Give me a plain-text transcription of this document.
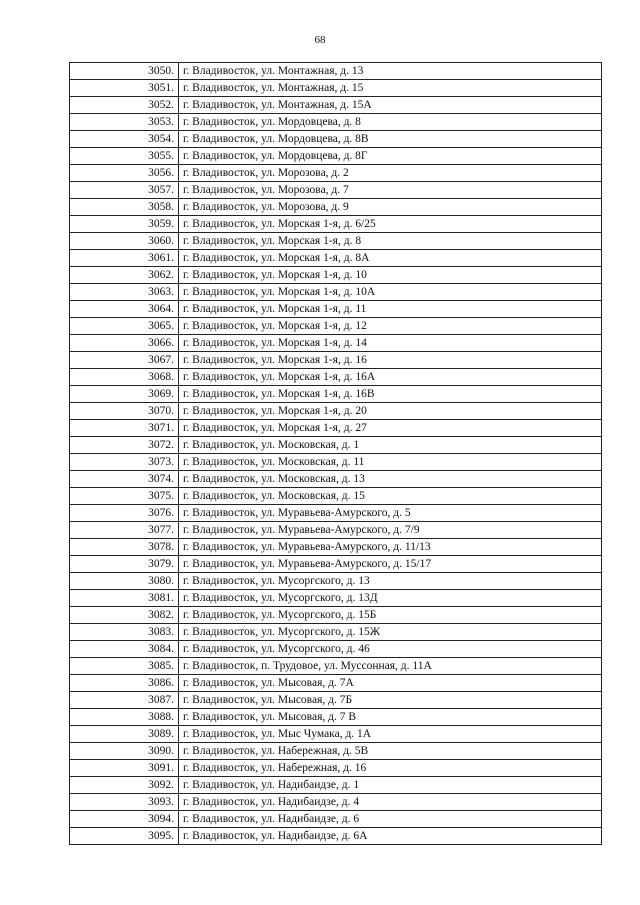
68
3050.	г. Владивосток, ул. Монтажная, д. 13
3051.	г. Владивосток, ул. Монтажная, д. 15
3052.	г. Владивосток, ул. Монтажная, д. 15А
3053.	г. Владивосток, ул. Мордовцева, д. 8
3054.	г. Владивосток, ул. Мордовцева, д. 8В
3055.	г. Владивосток, ул. Мордовцева, д. 8Г
3056.	г. Владивосток, ул. Морозова, д. 2
3057.	г. Владивосток, ул. Морозова, д. 7
3058.	г. Владивосток, ул. Морозова, д. 9
3059.	г. Владивосток, ул. Морская 1-я, д. 6/25
3060.	г. Владивосток, ул. Морская 1-я, д. 8
3061.	г. Владивосток, ул. Морская 1-я, д. 8А
3062.	г. Владивосток, ул. Морская 1-я, д. 10
3063.	г. Владивосток, ул. Морская 1-я, д. 10А
3064.	г. Владивосток, ул. Морская 1-я, д. 11
3065.	г. Владивосток, ул. Морская 1-я, д. 12
3066.	г. Владивосток, ул. Морская 1-я, д. 14
3067.	г. Владивосток, ул. Морская 1-я, д. 16
3068.	г. Владивосток, ул. Морская 1-я, д. 16А
3069.	г. Владивосток, ул. Морская 1-я, д. 16В
3070.	г. Владивосток, ул. Морская 1-я, д. 20
3071.	г. Владивосток, ул. Морская 1-я, д. 27
3072.	г. Владивосток, ул. Московская, д. 1
3073.	г. Владивосток, ул. Московская, д. 11
3074.	г. Владивосток, ул. Московская, д. 13
3075.	г. Владивосток, ул. Московская, д. 15
3076.	г. Владивосток, ул. Муравьева-Амурского, д. 5
3077.	г. Владивосток, ул. Муравьева-Амурского, д. 7/9
3078.	г. Владивосток, ул. Муравьева-Амурского, д. 11/13
3079.	г. Владивосток, ул. Муравьева-Амурского, д. 15/17
3080.	г. Владивосток, ул. Мусоргского, д. 13
3081.	г. Владивосток, ул. Мусоргского, д. 13Д
3082.	г. Владивосток, ул. Мусоргского, д. 15Б
3083.	г. Владивосток, ул. Мусоргского, д. 15Ж
3084.	г. Владивосток, ул. Мусоргского, д. 46
3085.	г. Владивосток, п. Трудовое, ул. Муссонная, д. 11А
3086.	г. Владивосток, ул. Мысовая, д. 7А
3087.	г. Владивосток, ул. Мысовая, д. 7Б
3088.	г. Владивосток, ул. Мысовая, д. 7 В
3089.	г. Владивосток, ул. Мыс Чумака, д. 1А
3090.	г. Владивосток, ул. Набережная, д. 5В
3091.	г. Владивосток, ул. Набережная, д. 16
3092.	г. Владивосток, ул. Надибаидзе, д. 1
3093.	г. Владивосток, ул. Надибаидзе, д. 4
3094.	г. Владивосток, ул. Надибаидзе, д. 6
3095.	г. Владивосток, ул. Надибаидзе, д. 6А
